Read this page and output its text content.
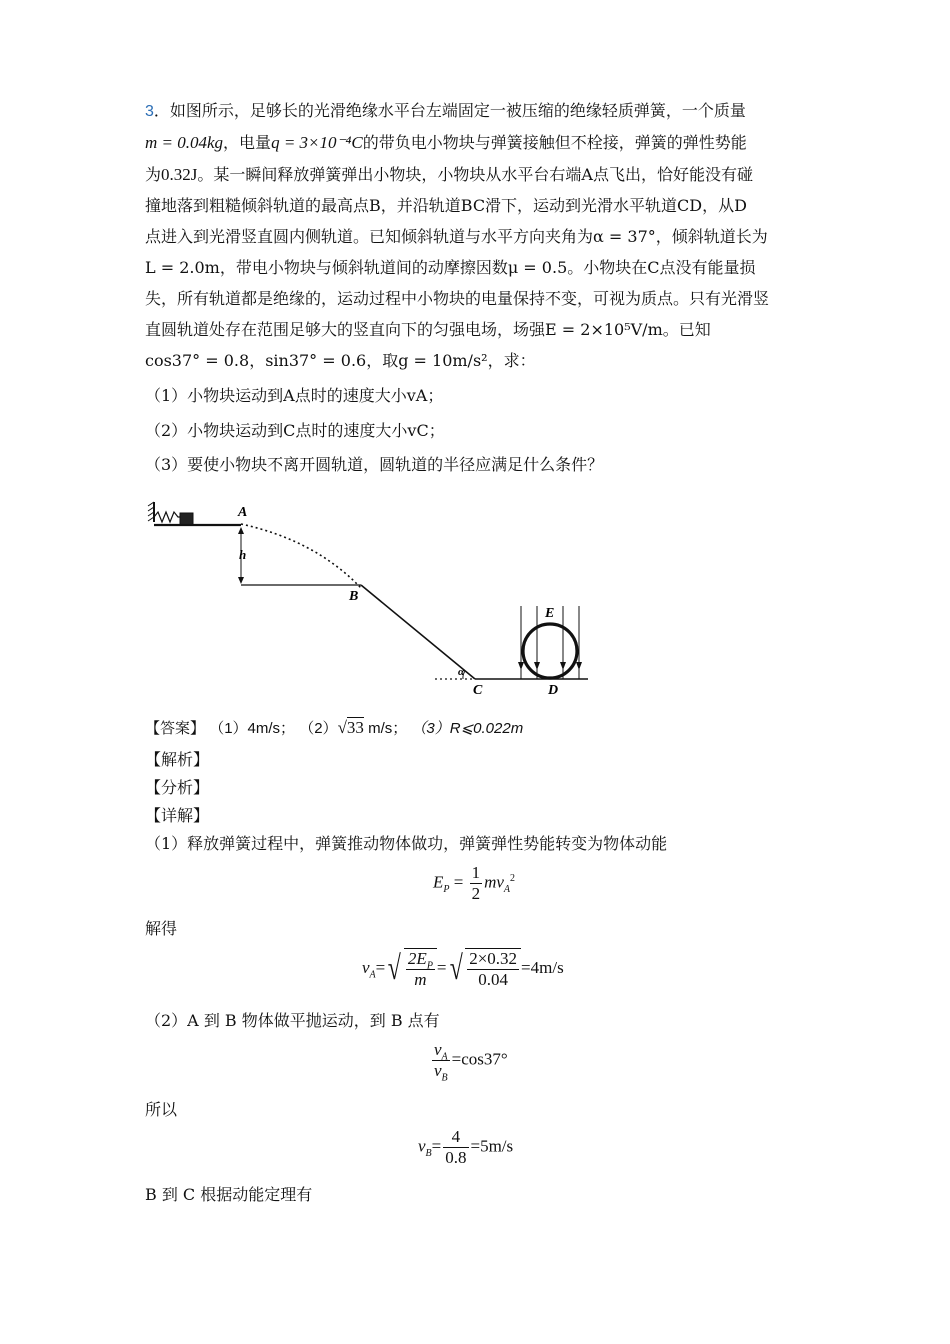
3．如图所示，足够长的光滑绝缘水平台左端固定一被压缩的绝缘轻质弹簧，一个质量
m = 0.04kg，电量q = 3×10⁻⁴C的带负电小物块与弹簧接触但不栓接，弹簧的弹性势能
为0.32J。某一瞬间释放弹簧弹出小物块，小物块从水平台右端A点飞出，恰好能没有碰
撞地落到粗糙倾斜轨道的最高点B，并沿轨道BC滑下，运动到光滑水平轨道CD，从D
点进入到光滑竖直圆内侧轨道。已知倾斜轨道与水平方向夹角为α = 37°，倾斜轨道长为
L = 2.0m，带电小物块与倾斜轨道间的动摩擦因数μ = 0.5。小物块在C点没有能量损
失，所有轨道都是绝缘的，运动过程中小物块的电量保持不变，可视为质点。只有光滑竖
直圆轨道处存在范围足够大的竖直向下的匀强电场，场强E = 2×10⁵V/m。已知
cos37° = 0.8，sin37° = 0.6，取g = 10m/s²，求：
（1）小物块运动到A点时的速度大小vA；
（2）小物块运动到C点时的速度大小vC；
（3）要使小物块不离开圆轨道，圆轨道的半径应满足什么条件？
A
h
B
α
C	D
E
【答案】 （1）4m/s； （2）√33 m/s； （3）R⩽0.022m
【解析】
【分析】
【详解】
（1）释放弹簧过程中，弹簧推动物体做功，弹簧弹性势能转变为物体动能
$E_P = \frac{1}{2} mv_A^2$
解得
$v_A=√ \frac{2E_P}{m}$ =√ $\frac{2\times 0.32}{0.04} =4m/s$
（2）A 到 B 物体做平抛运动，到 B 点有
$\frac{v_A}{v_B} =\cos 37^\circ$
所以
$v_B= \frac{4}{0.8} =5m/s$
B 到 C 根据动能定理有
